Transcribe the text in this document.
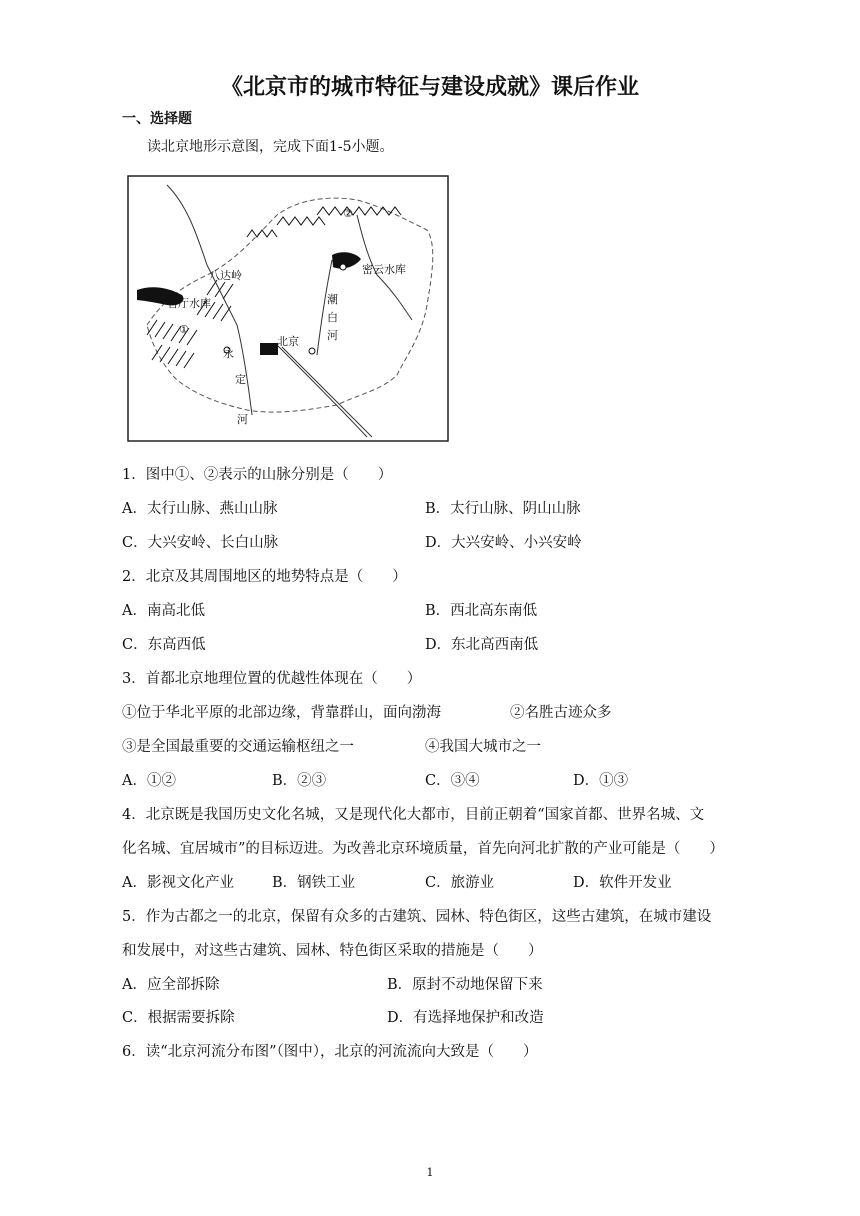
《北京市的城市特征与建设成就》课后作业
一、选择题
读北京地形示意图，完成下面1-5小题。
八达岭
官厅水库
密云水库
北京
潮
白
河
永
定
河
①
②
1．图中①、②表示的山脉分别是（　　）
A．太行山脉、燕山山脉	B．太行山脉、阴山山脉
C．大兴安岭、长白山脉	D．大兴安岭、小兴安岭
2．北京及其周围地区的地势特点是（　　）
A．南高北低	B．西北高东南低
C．东高西低	D．东北高西南低
3．首都北京地理位置的优越性体现在（　　）
①位于华北平原的北部边缘，背靠群山，面向渤海	②名胜古迹众多
③是全国最重要的交通运输枢纽之一	④我国大城市之一
A．①②	B．②③	C．③④	D．①③
4．北京既是我国历史文化名城，又是现代化大都市，目前正朝着“国家首都、世界名城、文
化名城、宜居城市”的目标迈进。为改善北京环境质量，首先向河北扩散的产业可能是（　　）
A．影视文化产业	B．钢铁工业	C．旅游业	D．软件开发业
5．作为古都之一的北京，保留有众多的古建筑、园林、特色街区，这些古建筑，在城市建设
和发展中，对这些古建筑、园林、特色街区采取的措施是（　　）
A．应全部拆除	B．原封不动地保留下来
C．根据需要拆除	D．有选择地保护和改造
6．读“北京河流分布图”（图中），北京的河流流向大致是（　　）
1
